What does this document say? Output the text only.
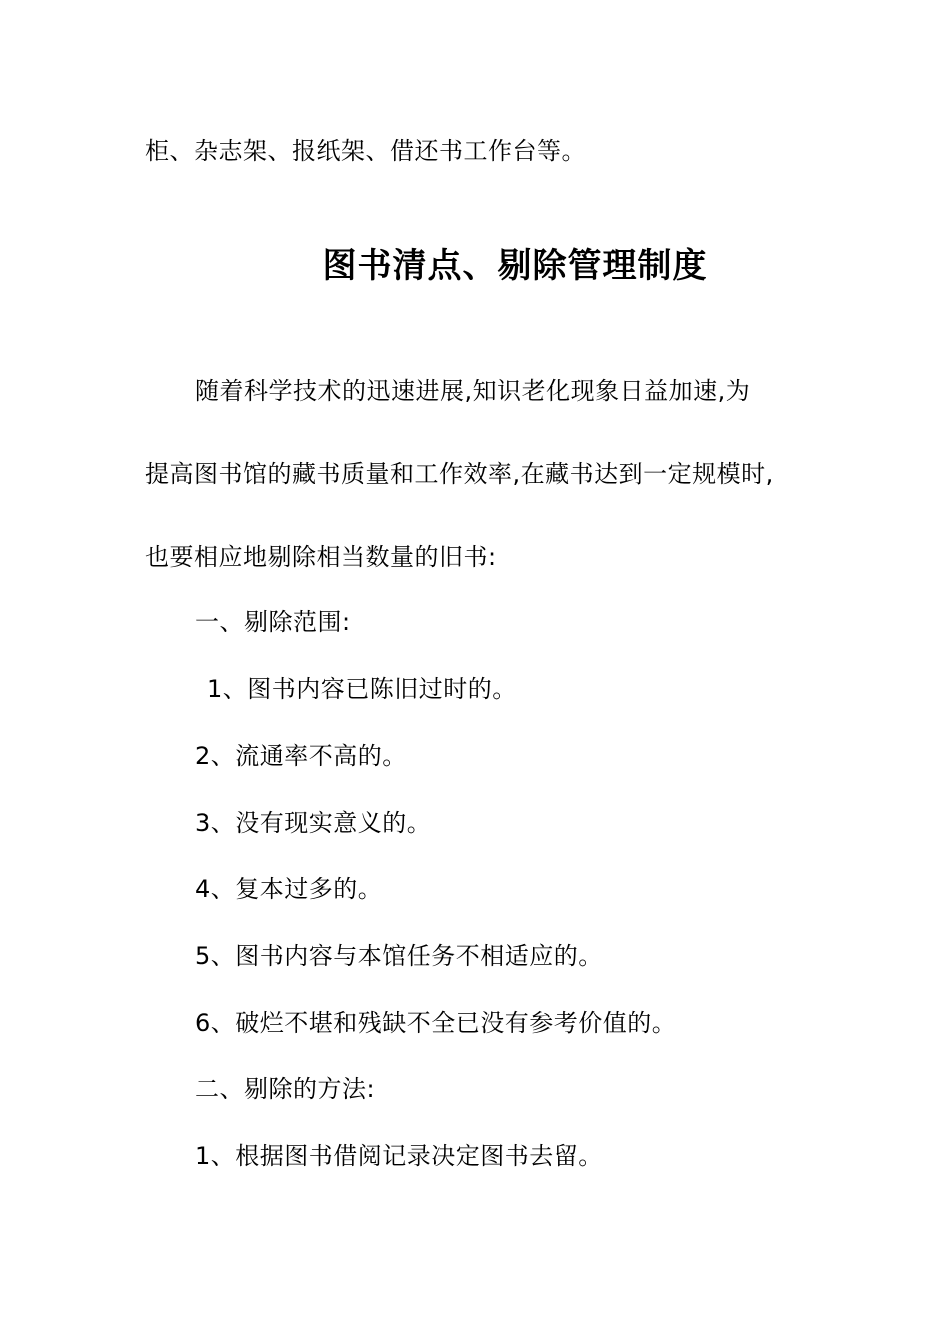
柜、杂志架、报纸架、借还书工作台等。
图书清点、剔除管理制度
随着科学技术的迅速进展,知识老化现象日益加速,为
提高图书馆的藏书质量和工作效率,在藏书达到一定规模时,
也要相应地剔除相当数量的旧书:
一、剔除范围:
1、图书内容已陈旧过时的。
2、流通率不高的。
3、没有现实意义的。
4、复本过多的。
5、图书内容与本馆任务不相适应的。
6、破烂不堪和残缺不全已没有参考价值的。
二、剔除的方法:
1、根据图书借阅记录决定图书去留。
